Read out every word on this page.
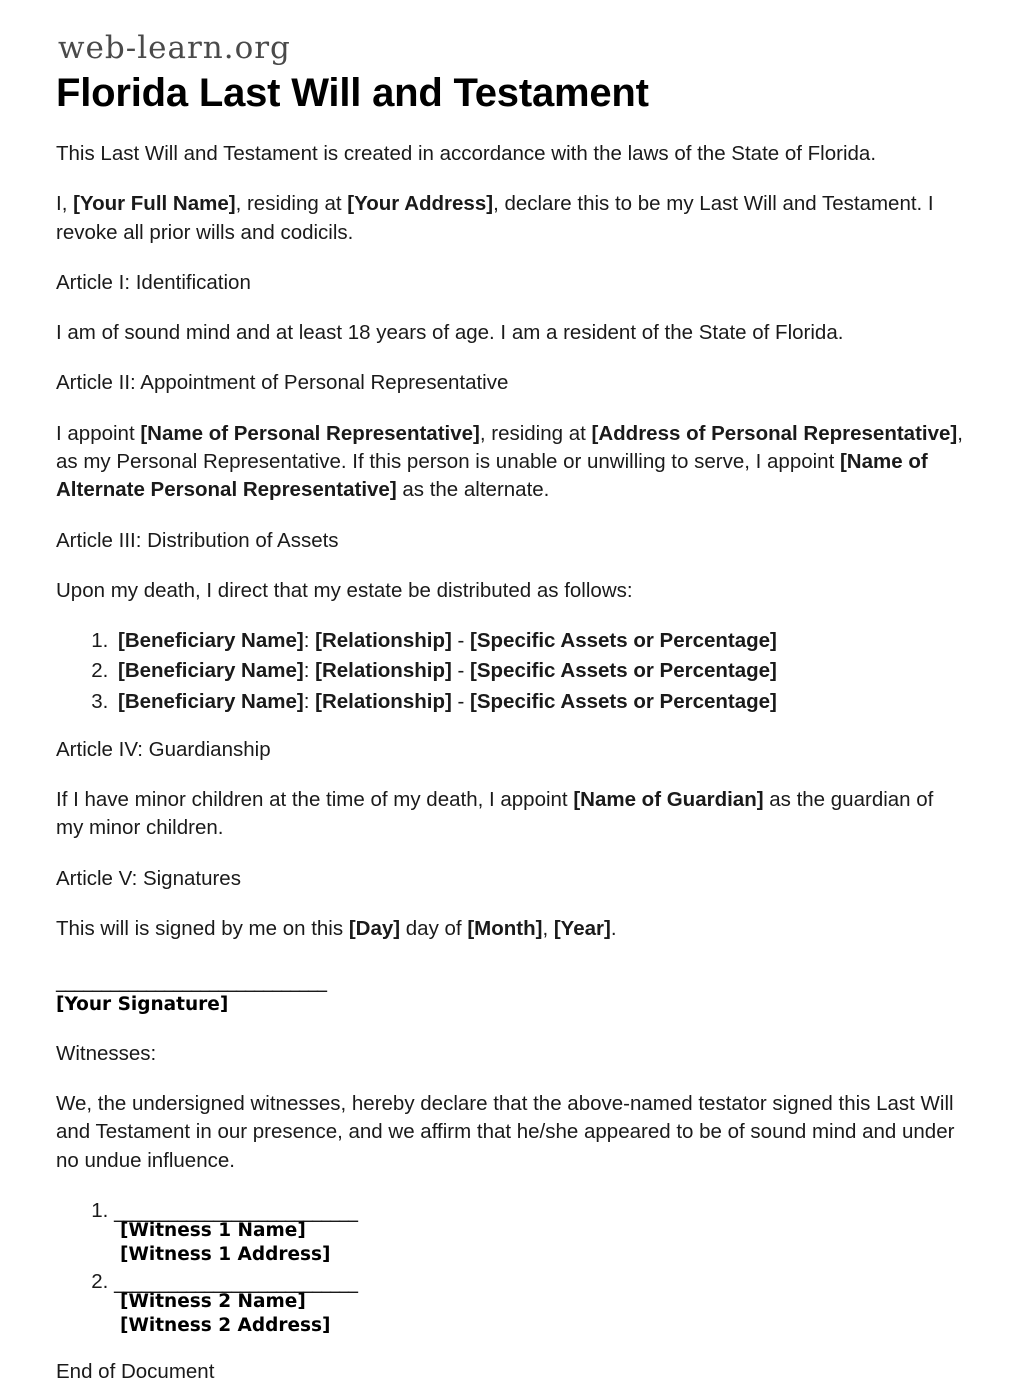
web-learn.org
Florida Last Will and Testament

This Last Will and Testament is created in accordance with the laws of the State of Florida.

I, [Your Full Name], residing at [Your Address], declare this to be my Last Will and Testament. I revoke all prior wills and codicils.

Article I: Identification

I am of sound mind and at least 18 years of age. I am a resident of the State of Florida.

Article II: Appointment of Personal Representative

I appoint [Name of Personal Representative], residing at [Address of Personal Representative], as my Personal Representative. If this person is unable or unwilling to serve, I appoint [Name of Alternate Personal Representative] as the alternate.

Article III: Distribution of Assets

Upon my death, I direct that my estate be distributed as follows:

1. [Beneficiary Name]: [Relationship] - [Specific Assets or Percentage]
2. [Beneficiary Name]: [Relationship] - [Specific Assets or Percentage]
3. [Beneficiary Name]: [Relationship] - [Specific Assets or Percentage]

Article IV: Guardianship

If I have minor children at the time of my death, I appoint [Name of Guardian] as the guardian of my minor children.

Article V: Signatures

This will is signed by me on this [Day] day of [Month], [Year].

______________________________
[Your Signature]

Witnesses:

We, the undersigned witnesses, hereby declare that the above-named testator signed this Last Will and Testament in our presence, and we affirm that he/she appeared to be of sound mind and under no undue influence.

1. ___________________________
[Witness 1 Name]
[Witness 1 Address]
2. ___________________________
[Witness 2 Name]
[Witness 2 Address]

End of Document
